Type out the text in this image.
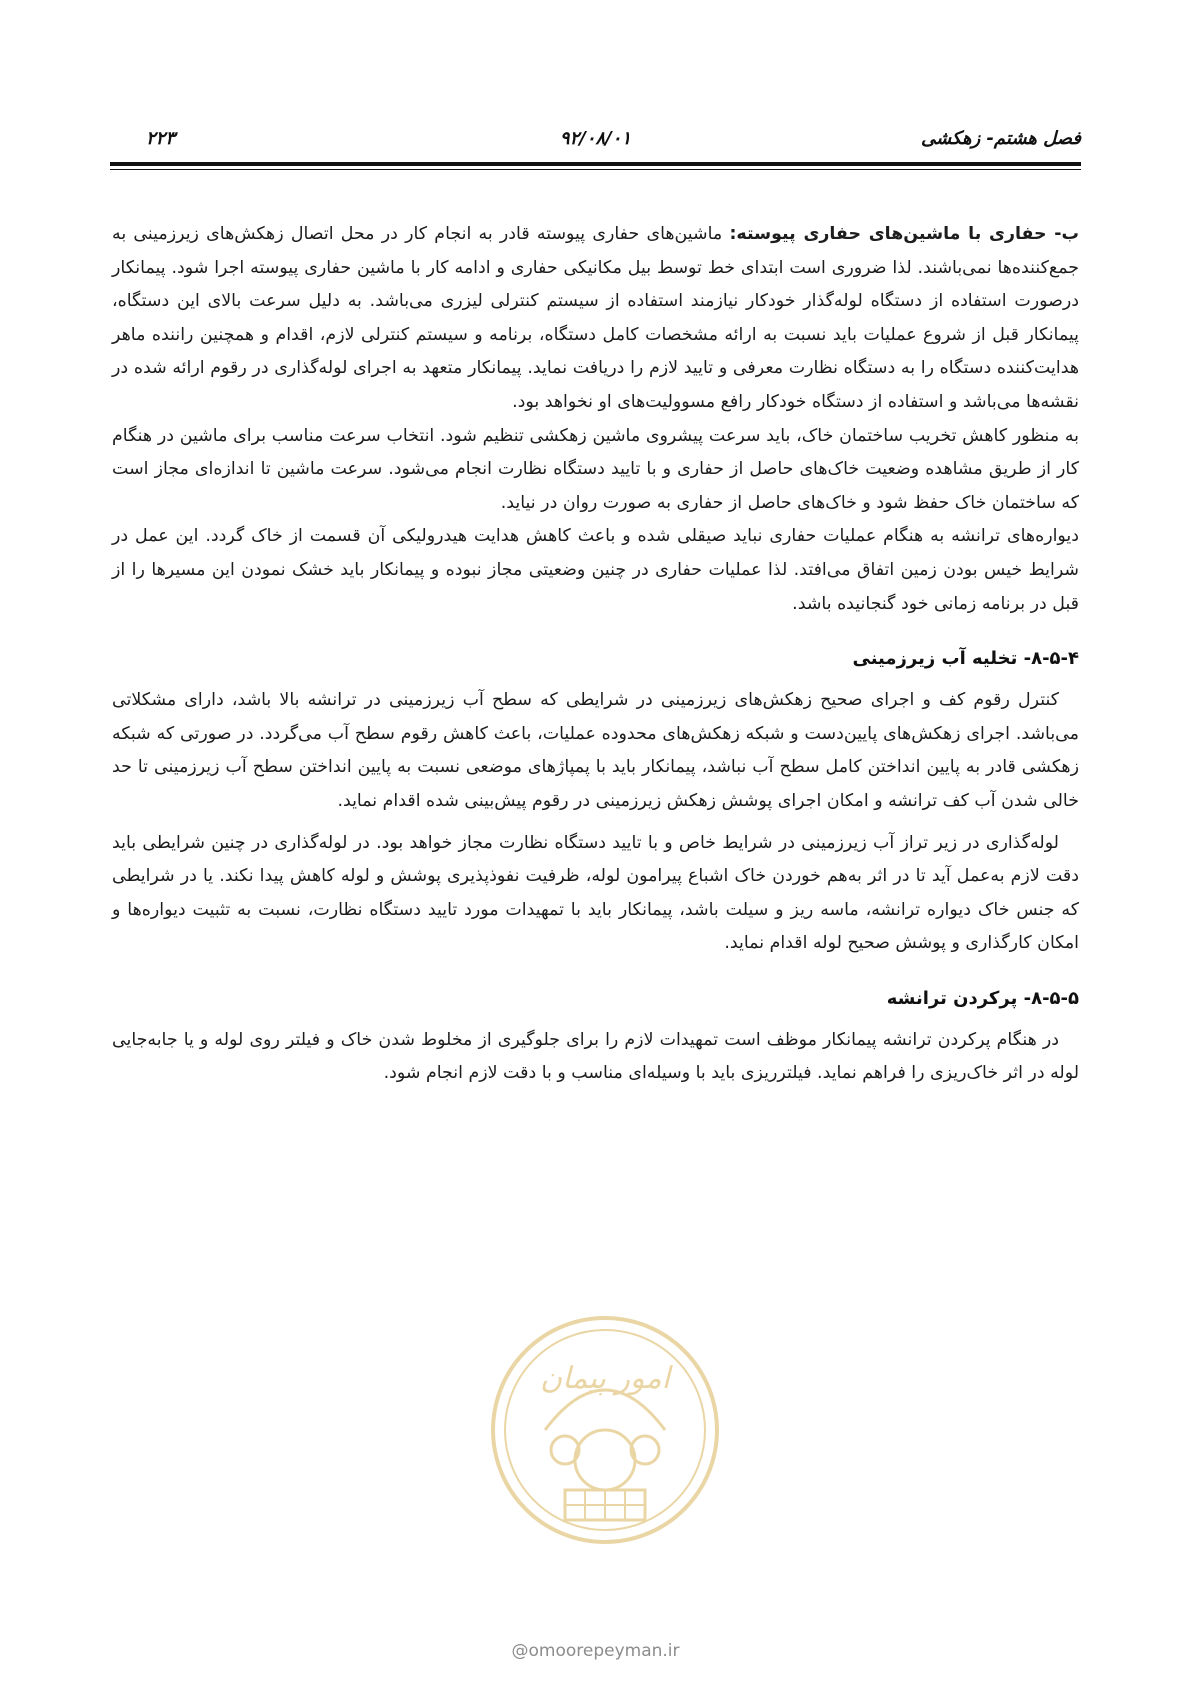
فصل هشتم- زهکشی
۹۲/۰۸/۰۱
۲۲۳

ب- حفاری با ماشین‌های حفاری پیوسته: ماشین‌های حفاری پیوسته قادر به انجام کار در محل اتصال زهکش‌های زیرزمینی به جمع‌کننده‌ها نمی‌باشند. لذا ضروری است ابتدای خط توسط بیل مکانیکی حفاری و ادامه کار با ماشین حفاری پیوسته اجرا شود. پیمانکار درصورت استفاده از دستگاه لوله‌گذار خودکار نیازمند استفاده از سیستم کنترلی لیزری می‌باشد. به دلیل سرعت بالای این دستگاه، پیمانکار قبل از شروع عملیات باید نسبت به ارائه مشخصات کامل دستگاه، برنامه و سیستم کنترلی لازم، اقدام و همچنین راننده ماهر هدایت‌کننده دستگاه را به دستگاه نظارت معرفی و تایید لازم را دریافت نماید. پیمانکار متعهد به اجرای لوله‌گذاری در رقوم ارائه شده در نقشه‌ها می‌باشد و استفاده از دستگاه خودکار رافع مسوولیت‌های او نخواهد بود.

به منظور کاهش تخریب ساختمان خاک، باید سرعت پیشروی ماشین زهکشی تنظیم شود. انتخاب سرعت مناسب برای ماشین در هنگام کار از طریق مشاهده وضعیت خاک‌های حاصل از حفاری و با تایید دستگاه نظارت انجام می‌شود. سرعت ماشین تا اندازه‌ای مجاز است که ساختمان خاک حفظ شود و خاک‌های حاصل از حفاری به صورت روان در نیاید.

دیواره‌های ترانشه به هنگام عملیات حفاری نباید صیقلی شده و باعث کاهش هدایت هیدرولیکی آن قسمت از خاک گردد. این عمل در شرایط خیس بودن زمین اتفاق می‌افتد. لذا عملیات حفاری در چنین وضعیتی مجاز نبوده و پیمانکار باید خشک نمودن این مسیرها را از قبل در برنامه زمانی خود گنجانیده باشد.

۸-۵-۴- تخلیه آب زیرزمینی

کنترل رقوم کف و اجرای صحیح زهکش‌های زیرزمینی در شرایطی که سطح آب زیرزمینی در ترانشه بالا باشد، دارای مشکلاتی می‌باشد. اجرای زهکش‌های پایین‌دست و شبکه زهکش‌های محدوده عملیات، باعث کاهش رقوم سطح آب می‌گردد. در صورتی که شبکه زهکشی قادر به پایین انداختن کامل سطح آب نباشد، پیمانکار باید با پمپاژهای موضعی نسبت به پایین انداختن سطح آب زیرزمینی تا حد خالی شدن آب کف ترانشه و امکان اجرای پوشش زهکش زیرزمینی در رقوم پیش‌بینی شده اقدام نماید.

لوله‌گذاری در زیر تراز آب زیرزمینی در شرایط خاص و با تایید دستگاه نظارت مجاز خواهد بود. در لوله‌گذاری در چنین شرایطی باید دقت لازم به‌عمل آید تا در اثر به‌هم خوردن خاک اشباع پیرامون لوله، ظرفیت نفوذپذیری پوشش و لوله کاهش پیدا نکند. یا در شرایطی که جنس خاک دیواره ترانشه، ماسه ریز و سیلت باشد، پیمانکار باید با تمهیدات مورد تایید دستگاه نظارت، نسبت به تثبیت دیواره‌ها و امکان کارگذاری و پوشش صحیح لوله اقدام نماید.

۸-۵-۵- پرکردن ترانشه

در هنگام پرکردن ترانشه پیمانکار موظف است تمهیدات لازم را برای جلوگیری از مخلوط شدن خاک و فیلتر روی لوله و یا جابه‌جایی لوله در اثر خاک‌ریزی را فراهم نماید. فیلترریزی باید با وسیله‌ای مناسب و با دقت لازم انجام شود.

امور پیمان
@omoorepeyman.ir
